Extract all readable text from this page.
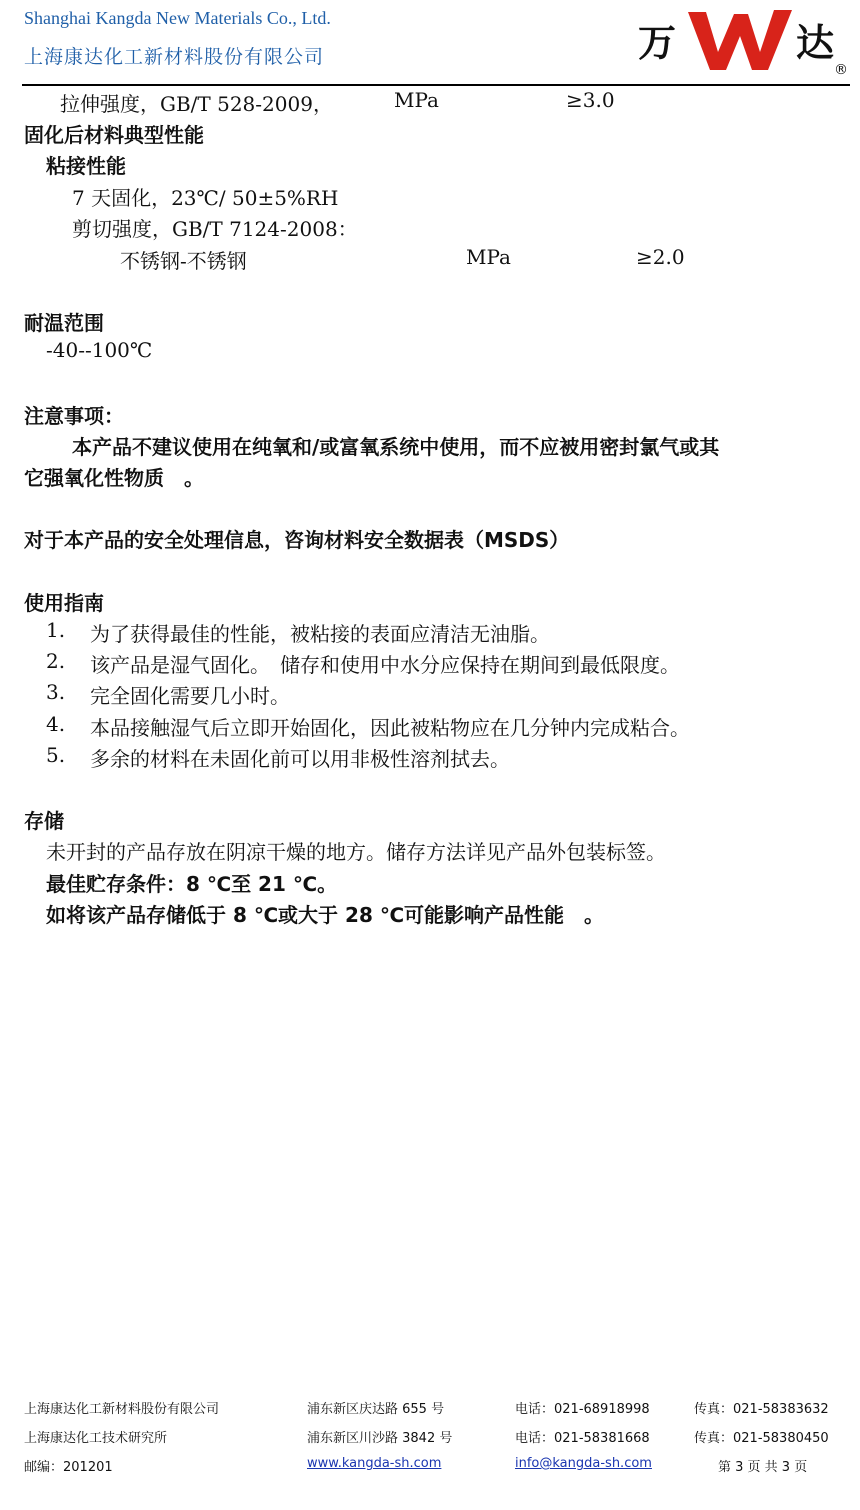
Shanghai Kangda New Materials Co., Ltd.
上海康达化工新材料股份有限公司	万	达
®
拉伸强度，GB/T 528-2009，	MPa	≥3.0
固化后材料典型性能
粘接性能
7 天固化，23℃/ 50±5%RH
剪切强度，GB/T 7124-2008：
不锈钢-不锈钢	MPa	≥2.0
耐温范围
-40--100℃
注意事项：
本产品不建议使用在纯氧和/或富氧系统中使用，而不应被用密封氯气或其
它强氧化性物质　。
对于本产品的安全处理信息，咨询材料安全数据表（MSDS）
使用指南
1. 为了获得最佳的性能，被粘接的表面应清洁无油脂。
2. 该产品是湿气固化。　储存和使用中水分应保持在期间到最低限度。
3. 完全固化需要几小时。
4. 本品接触湿气后立即开始固化，因此被粘物应在几分钟内完成粘合。
5. 多余的材料在未固化前可以用非极性溶剂拭去。
存储
未开封的产品存放在阴凉干燥的地方。储存方法详见产品外包装标签。
最佳贮存条件：8 ℃至 21 ℃。
如将该产品存储低于 8 ℃或大于 28 ℃可能影响产品性能　。
上海康达化工新材料股份有限公司	浦东新区庆达路 655 号	电话：021-68918998	传真：021-58383632
上海康达化工技术研究所	浦东新区川沙路 3842 号	电话：021-58381668	传真：021-58380450
邮编：201201	www.kangda-sh.com	info@kangda-sh.com	第 3 页 共 3 页
